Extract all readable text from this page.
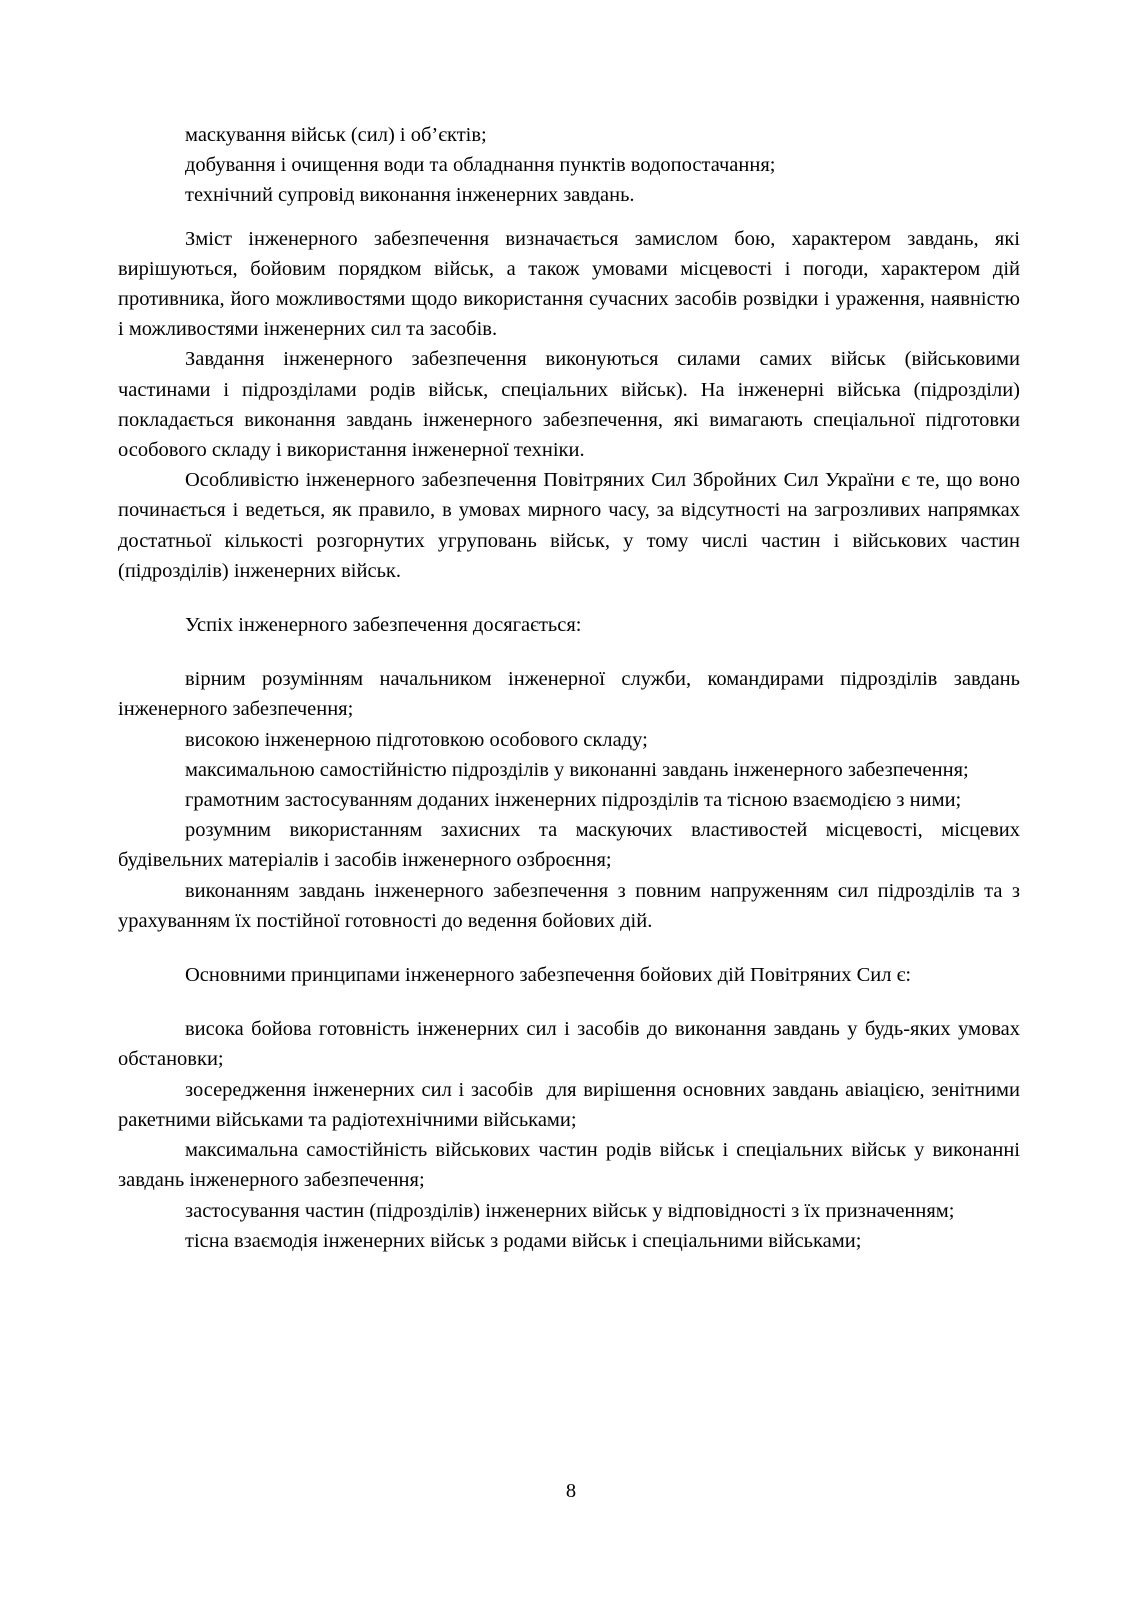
маскування військ (сил) і об’єктів;

добування і очищення води та обладнання пунктів водопостачання;

технічний супровід виконання інженерних завдань.

Зміст інженерного забезпечення визначається замислом бою, характером завдань, які вирішуються, бойовим порядком військ, а також умовами місцевості і погоди, характером дій противника, його можливостями щодо використання сучасних засобів розвідки і ураження, наявністю і можливостями інженерних сил та засобів.

Завдання інженерного забезпечення виконуються силами самих військ (військовими частинами і підрозділами родів військ, спеціальних військ). На інженерні війська (підрозділи) покладається виконання завдань інженерного забезпечення, які вимагають спеціальної підготовки особового складу і використання інженерної техніки.

Особливістю інженерного забезпечення Повітряних Сил Збройних Сил України є те, що воно починається і ведеться, як правило, в умовах мирного часу, за відсутності на загрозливих напрямках достатньої кількості розгорнутих угруповань військ, у тому числі частин і військових частин (підрозділів) інженерних військ.

Успіх інженерного забезпечення досягається:

вірним розумінням начальником інженерної служби, командирами підрозділів завдань інженерного забезпечення;

високою інженерною підготовкою особового складу;

максимальною самостійністю підрозділів у виконанні завдань інженерного забезпечення;

грамотним застосуванням доданих інженерних підрозділів та тісною взаємодією з ними;

розумним використанням захисних та маскуючих властивостей місцевості, місцевих будівельних матеріалів і засобів інженерного озброєння;

виконанням завдань інженерного забезпечення з повним напруженням сил підрозділів та з урахуванням їх постійної готовності до ведення бойових дій.

Основними принципами інженерного забезпечення бойових дій Повітряних Сил є:

висока бойова готовність інженерних сил і засобів до виконання завдань у будь-яких умовах обстановки;

зосередження інженерних сил і засобів  для вирішення основних завдань авіацією, зенітними ракетними військами та радіотехнічними військами;

максимальна самостійність військових частин родів військ і спеціальних військ у виконанні завдань інженерного забезпечення;

застосування частин (підрозділів) інженерних військ у відповідності з їх призначенням;

тісна взаємодія інженерних військ з родами військ і спеціальними військами;

8
